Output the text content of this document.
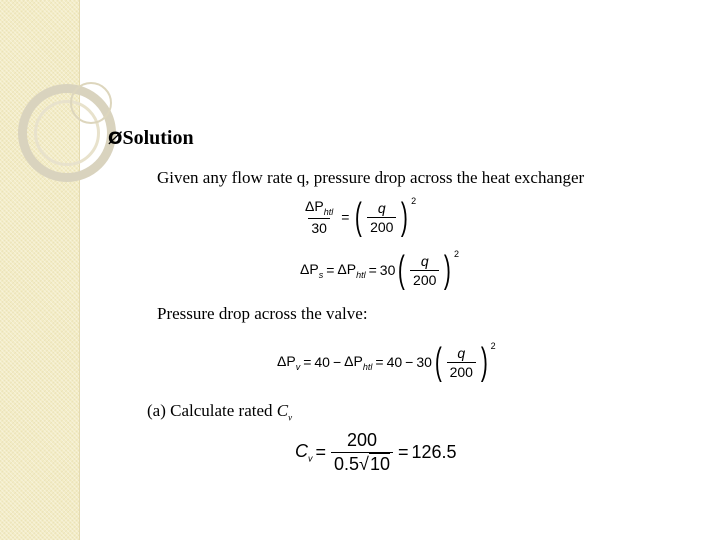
ØSolution
Given any flow rate q, pressure drop across the heat exchanger
$\frac{\Delta P_{htl}}{30}$ = ( $\frac{q}{200}$ ) 2
$\Delta P_s = \Delta P_{htl} = 30$ ( $\frac{q}{200}$ ) 2
Pressure drop across the valve:
$\Delta P_v = 40 - \Delta P_{htl} = 40 - 30$ ( $\frac{q}{200}$ ) 2
(a) Calculate rated $C_v$
$C_v = \frac{200}{0.5√10} = 126.5$
